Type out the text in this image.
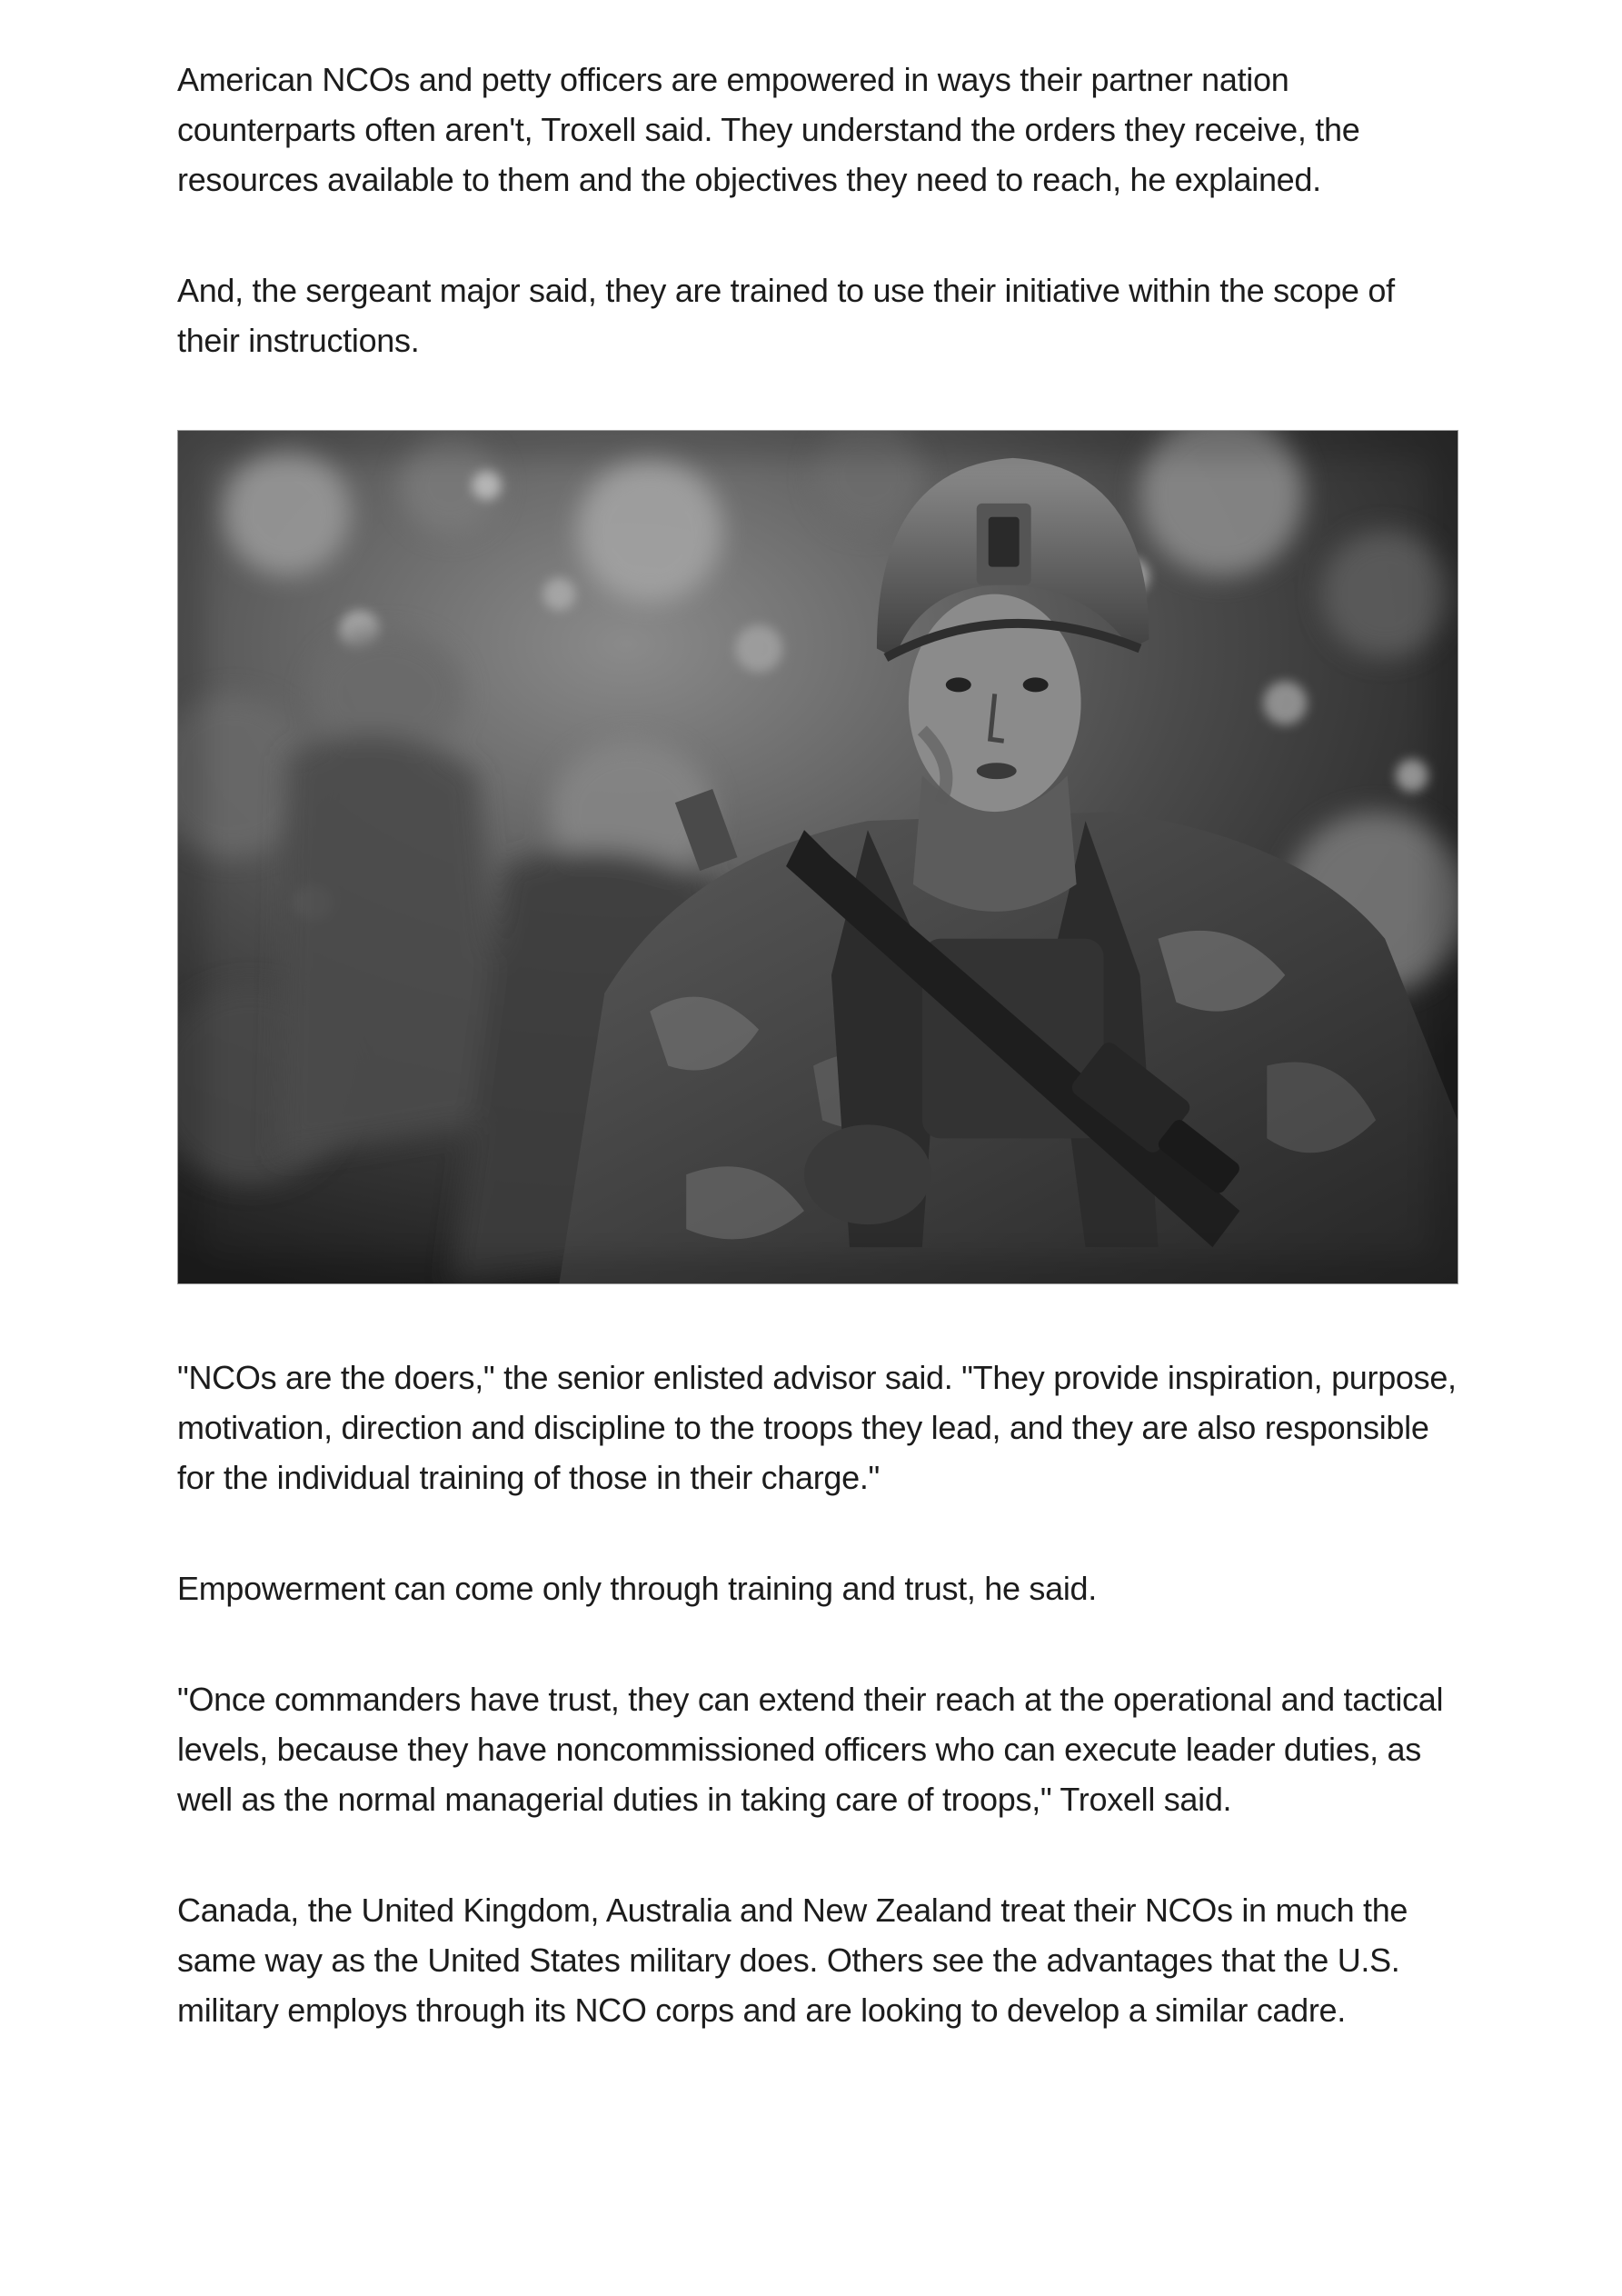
American NCOs and petty officers are empowered in ways their partner nation counterparts often aren't, Troxell said. They understand the orders they receive, the resources available to them and the objectives they need to reach, he explained.

And, the sergeant major said, they are trained to use their initiative within the scope of their instructions.

"NCOs are the doers," the senior enlisted advisor said. "They provide inspiration, purpose, motivation, direction and discipline to the troops they lead, and they are also responsible for the individual training of those in their charge."

Empowerment can come only through training and trust, he said.

"Once commanders have trust, they can extend their reach at the operational and tactical levels, because they have noncommissioned officers who can execute leader duties, as well as the normal managerial duties in taking care of troops," Troxell said.

Canada, the United Kingdom, Australia and New Zealand treat their NCOs in much the same way as the United States military does. Others see the advantages that the U.S. military employs through its NCO corps and are looking to develop a similar cadre.
